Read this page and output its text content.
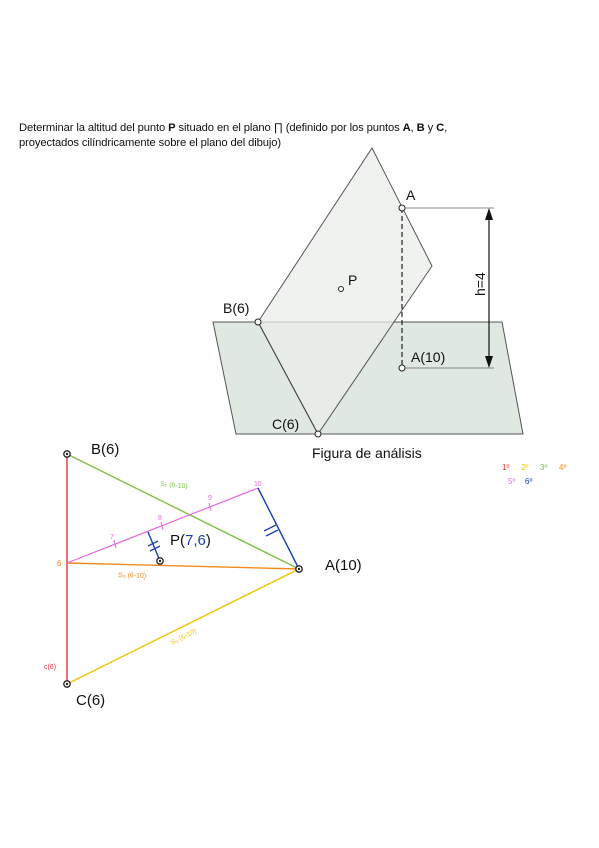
Determinar la altitud del punto P situado en el plano ∏ (definido por los puntos A, B y C,
proyectados cilíndricamente sobre el plano del dibujo)
A
P
B(6)
A(10)
C(6)
h=4
Figura de análisis
B(6)
C(6)
A(10)
P(7,6)
S₁ (6-10)
S₃ (6-10)
S₂ (6-10)
6
c(6)
7
8
9
10
1º 2º 3º 4º
5º 6º
